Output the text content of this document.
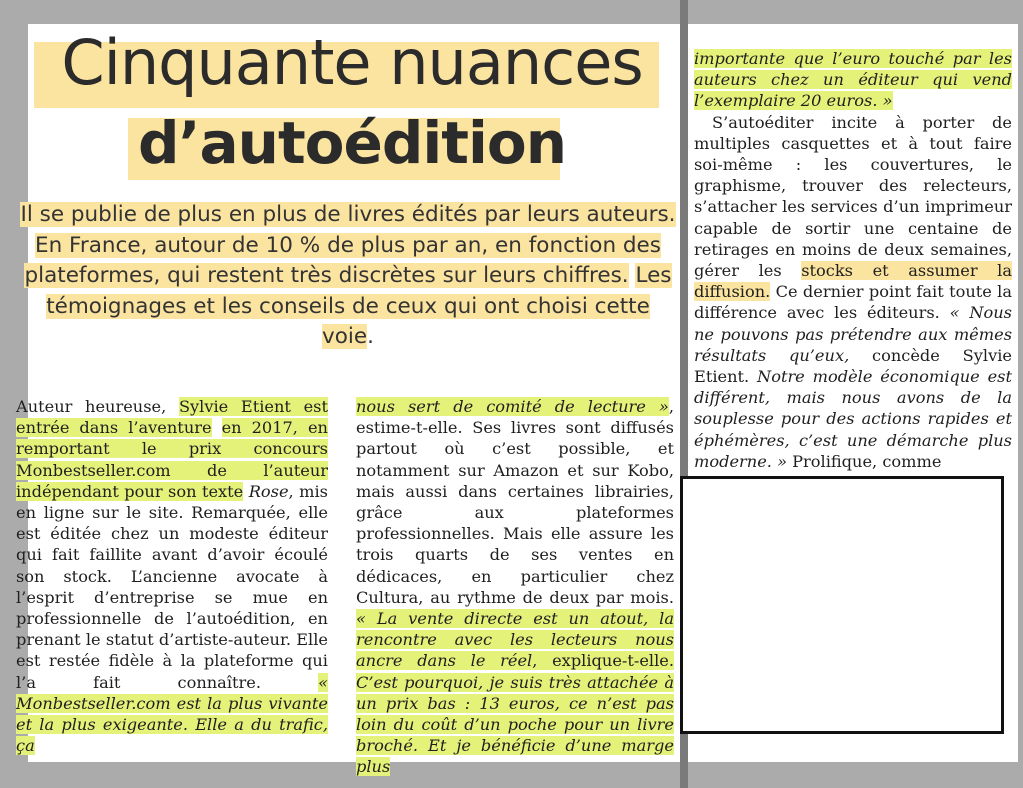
Cinquante nuances
d’autoédition
Il se publie de plus en plus de livres édités par leurs auteurs. En France, autour de 10 % de plus par an, en fonction des plateformes, qui restent très discrètes sur leurs chiffres. Les témoignages et les conseils de ceux qui ont choisi cette voie.

Auteur heureuse, Sylvie Etient est entrée dans l’aventure en 2017, en remportant le prix concours Monbestseller.com de l’auteur indépendant pour son texte Rose, mis en ligne sur le site. Remarquée, elle est éditée chez un modeste éditeur qui fait faillite avant d’avoir écoulé son stock. L’ancienne avocate à l’esprit d’entreprise se mue en professionnelle de l’autoédition, en prenant le statut d’artiste-auteur. Elle est restée fidèle à la plateforme qui l’a fait connaître.	« Monbestseller.com est la plus vivante et la plus exigeante. Elle a du trafic, ça

nous sert de comité de lecture », estime-t-elle. Ses livres sont diffusés partout où c’est possible, et notamment sur Amazon et sur Kobo, mais aussi dans certaines librairies, grâce aux plateformes professionnelles. Mais elle assure les trois quarts de ses ventes en dédicaces, en particulier chez Cultura, au rythme de deux par mois. « La vente directe est un atout, la rencontre avec les lecteurs nous ancre dans le réel, explique-t-elle. C’est pourquoi, je suis très attachée à un prix bas : 13 euros, ce n’est pas loin du coût d’un poche pour un livre broché. Et je bénéficie d’une marge plus

importante que l’euro touché par les auteurs chez un éditeur qui vend l’exemplaire 20 euros. »

S’autoéditer incite à porter de multiples casquettes et à tout faire soi-même : les couvertures, le graphisme, trouver des relecteurs, s’attacher les services d’un imprimeur capable de sortir une centaine de retirages en moins de deux semaines, gérer les stocks et assumer la diffusion. Ce dernier point fait toute la différence avec les éditeurs. « Nous ne pouvons pas prétendre aux mêmes résultats qu’eux, concède Sylvie Etient. Notre modèle économique est différent, mais nous avons de la souplesse pour des actions rapides et éphémères, c’est une démarche plus moderne. » Prolifique, comme
